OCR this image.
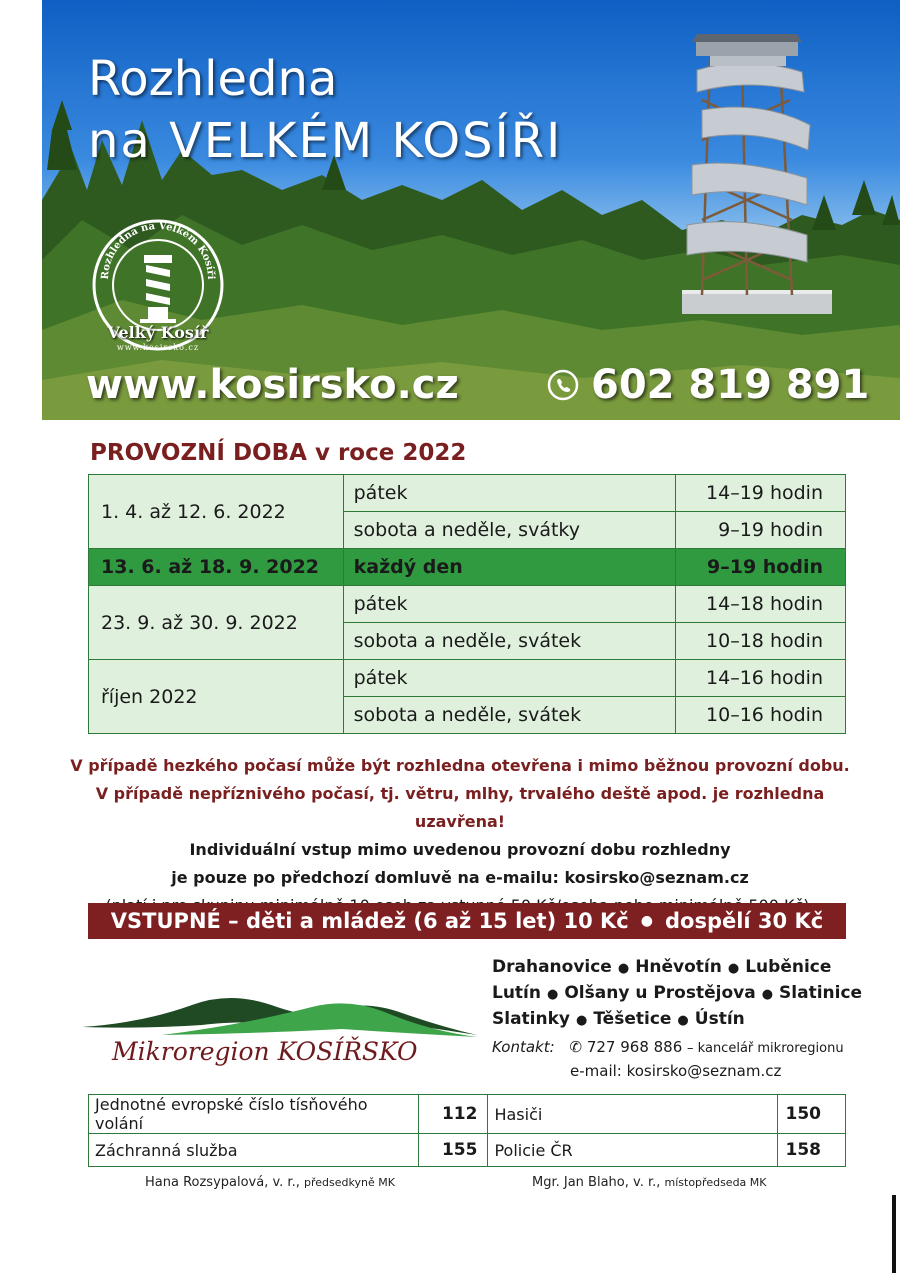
Rozhledna
na VELKÉM KOSÍŘI
Rozhledna na Velkém Kosíři
Velký Kosíř
www.kosirsko.cz
www.kosirsko.cz	602 819 891
PROVOZNÍ DOBA v roce 2022
1. 4. až 12. 6. 2022	pátek	14–19 hodin
	sobota a neděle, svátky	9–19 hodin
13. 6. až 18. 9. 2022	každý den	9–19 hodin
23. 9. až 30. 9. 2022	pátek	14–18 hodin
	sobota a neděle, svátek	10–18 hodin
říjen 2022	pátek	14–16 hodin
	sobota a neděle, svátek	10–16 hodin

V případě hezkého počasí může být rozhledna otevřena i mimo běžnou provozní dobu.

V případě nepříznivého počasí, tj. větru, mlhy, trvalého deště apod. je rozhledna uzavřena!

Individuální vstup mimo uvedenou provozní dobu rozhledny

je pouze po předchozí domluvě na e-mailu: kosirsko@seznam.cz

VSTUPNÉ – děti a mládež (6 až 15 let) 10 Kč ● dospělí 30 Kč
Mikroregion KOSÍŘSKO
Drahanovice ● Hněvotín ● Luběnice
Lutín ● Olšany u Prostějova ● Slatinice
Slatinky ● Těšetice ● Ústín
Kontakt: ✆ 727 968 886 – kancelář mikroregionu
e-mail: kosirsko@seznam.cz
Jednotné evropské číslo tísňového volání	112	Hasiči	150
Záchranná služba	155	Policie ČR	158
Hana Rozsypalová, v. r., předsedkyně MK	Mgr. Jan Blaho, v. r., místopředseda MK
